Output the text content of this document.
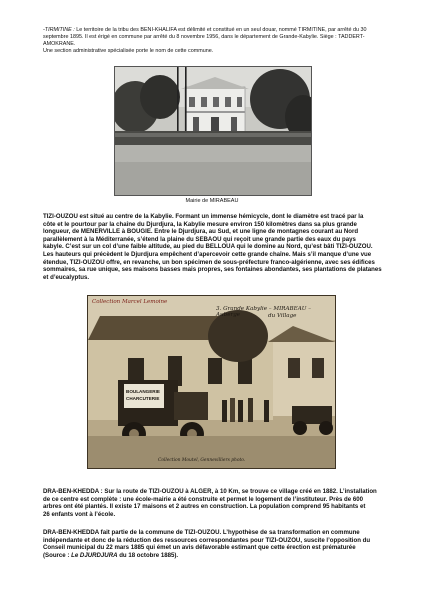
-TIRMITINE : Le territoire de la tribu des BENI-KHALIFA est délimité et constitué en un seul douar, nommé TIRMITINE, par arrêté du 30
septembre 1895. Il est érigé en commune par arrêté du 8 novembre 1956, dans le département de Grande-Kabylie. Siège : TADDERT-
AMOKRANE.
Une section administrative spécialisée porte le nom de cette commune.
Mairie de MIRABEAU
TIZI-OUZOU est situé au centre de la Kabylie. Formant un immense hémicycle, dont le diamètre est tracé par la
côte et le pourtour par la chaîne du Djurdjura, la Kabylie mesure environ 150 kilomètres dans sa plus grande
longueur, de MENERVILLE à BOUGIE. Entre le Djurdjura, au Sud, et une ligne de montagnes courant au Nord
parallèlement à la Méditerranée, s’étend la plaine du SEBAOU qui reçoit une grande partie des eaux du pays
kabyle. C’est sur un col d’une faible altitude, au pied du BELLOUA qui le domine au Nord, qu’est bâti TIZI-OUZOU.
Les hauteurs qui précèdent le Djurdjura empêchent d’apercevoir cette grande chaîne. Mais s’il manque d’une vue
étendue, TIZI-OUZOU offre, en revanche, un bon spécimen de sous-préfecture franco-algérienne, avec ses édifices
sommaires, sa rue unique, ses maisons basses mais propres, ses fontaines abondantes, ses plantations de platanes
et d’eucalyptus.
Collection Marcel Lemoine
3. Grande Kabylie – MIRABEAU – Auberge	du Village
BOULANGERIE
CHARCUTERIE
Collection Moutel, Gennevilliers photo.
DRA-BEN-KHEDDA : Sur la route de TIZI-OUZOU à ALGER, à 10 Km, se trouve ce village créé en 1882. L’installation
de ce centre est complète : une école-mairie a été construite et permet le logement de l’instituteur. Près de 600
arbres ont été plantés. Il existe 17 maisons et 2 autres en construction. La population comprend 95 habitants et
26 enfants vont à l’école.
DRA-BEN-KHEDDA fait partie de la commune de TIZI-OUZOU. L’hypothèse de sa transformation en commune
indépendante et donc de la réduction des ressources correspondantes pour TIZI-OUZOU, suscite l’opposition du
Conseil municipal du 22 mars 1885 qui émet un avis défavorable estimant que cette érection est prématurée
(Source : Le DJURDJURA du 18 octobre 1885).
